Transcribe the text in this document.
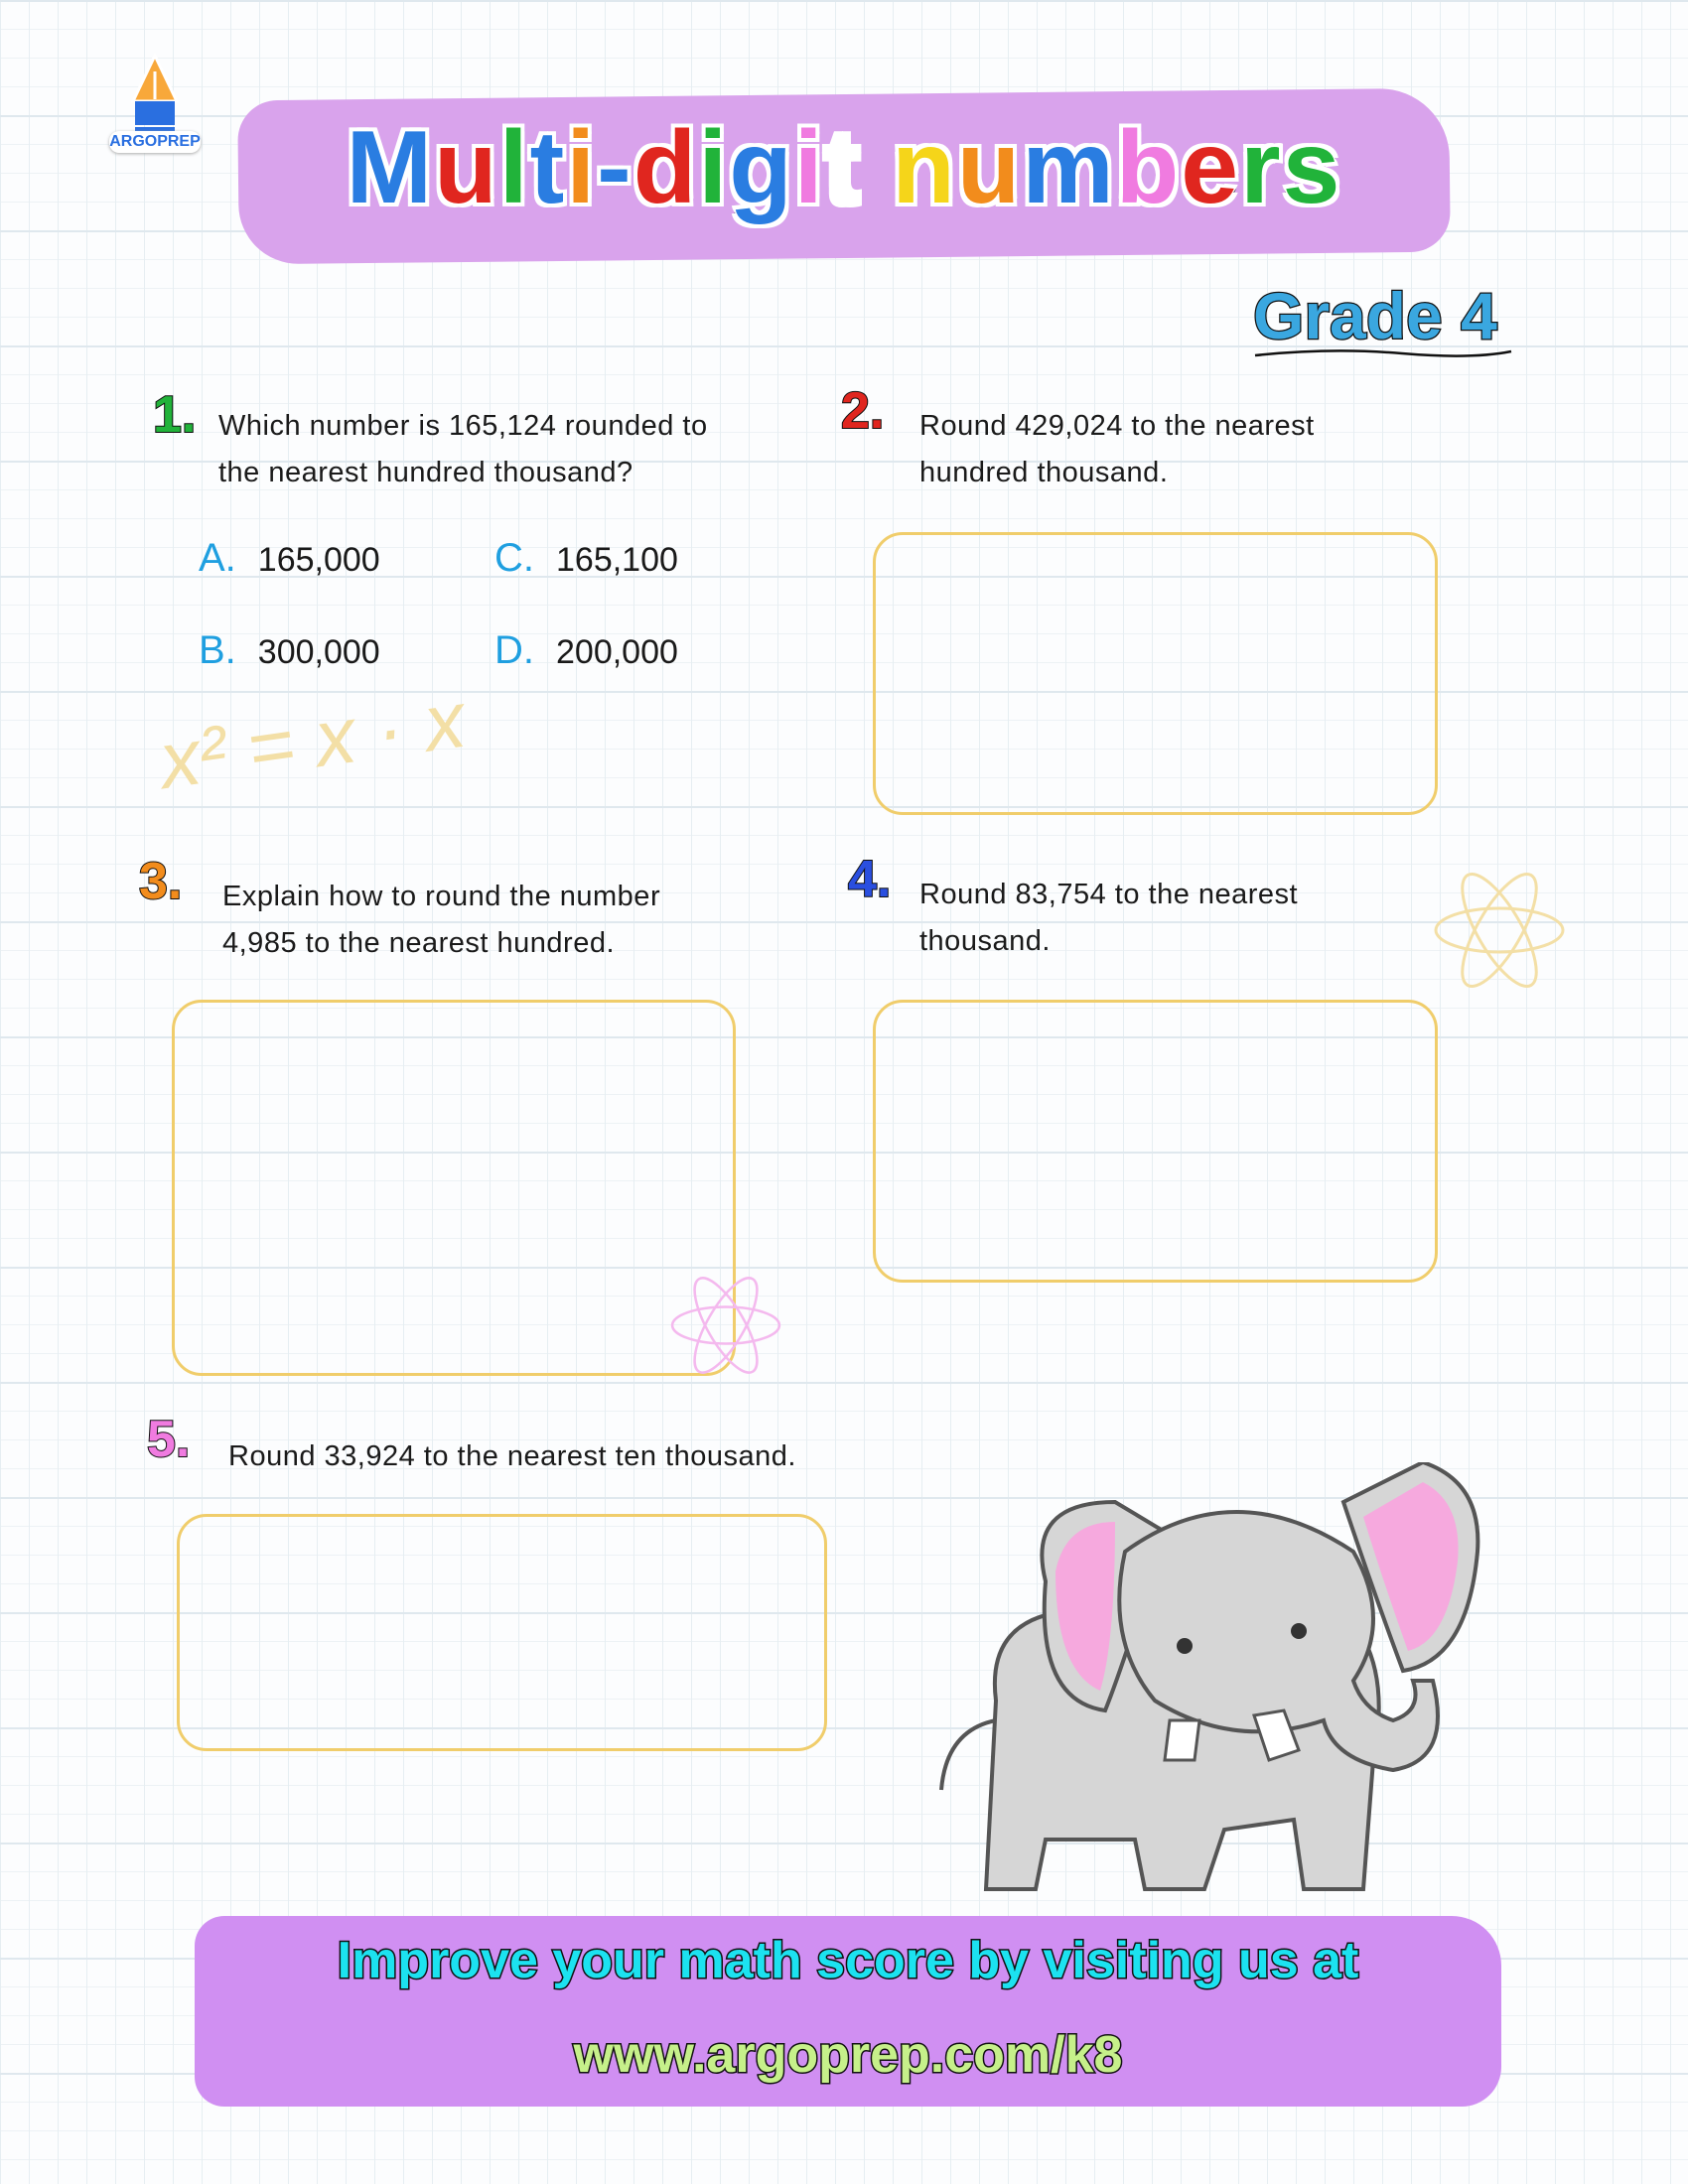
ARGOPREP	Multi-digit numbers
Grade 4
1. Which number is 165,124 rounded to
the nearest hundred thousand?
A. 165,000
B. 300,000
C. 165,100
D. 200,000
2. Round 429,024 to the nearest
hundred thousand.
x² = x · x
3. Explain how to round the number
4,985 to the nearest hundred.
4. Round 83,754 to the nearest
thousand.
5. Round 33,924 to the nearest ten thousand.
Improve your math score by visiting us at
www.argoprep.com/k8
